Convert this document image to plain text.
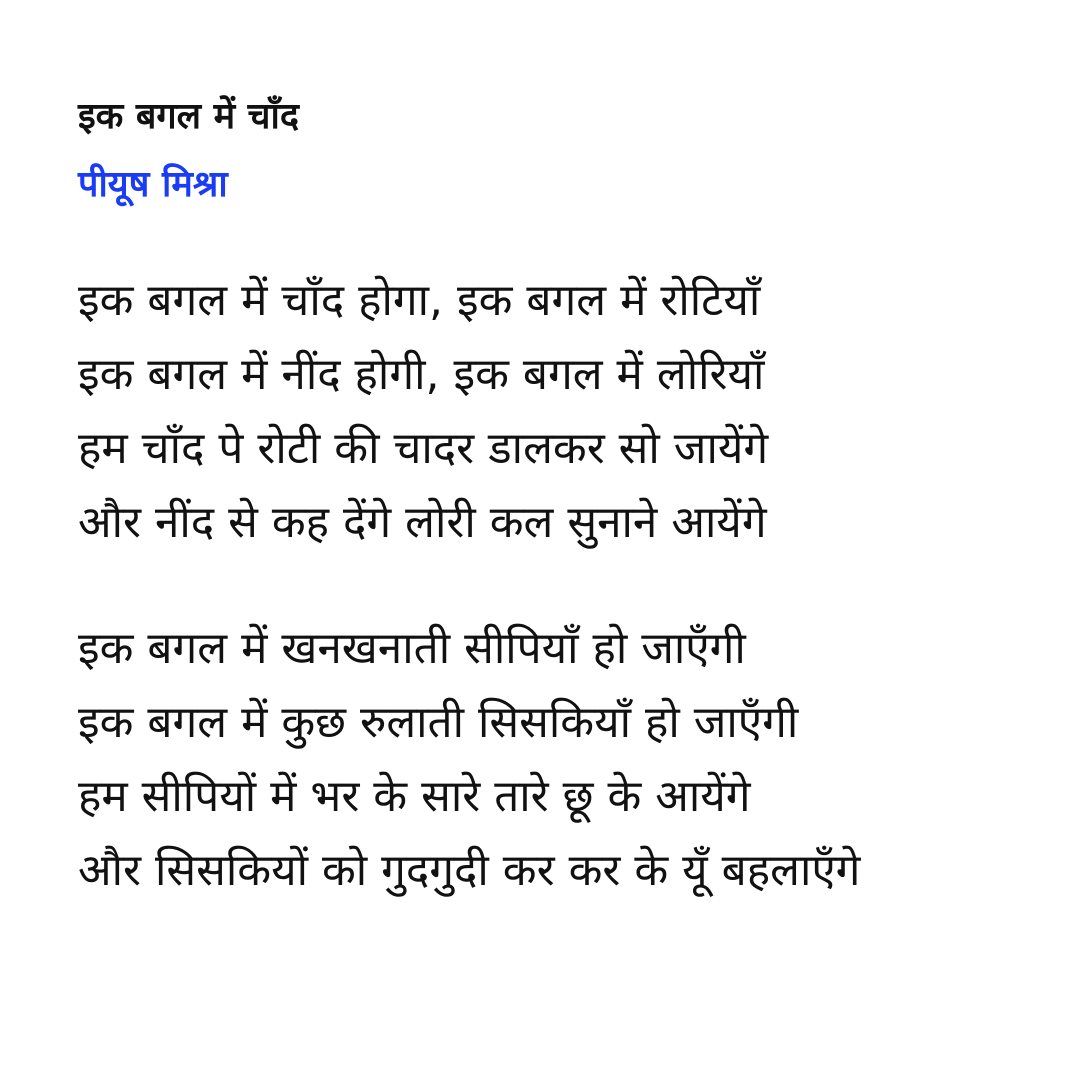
इक बगल में चाँद
पीयूष मिश्रा
इक बगल में चाँद होगा, इक बगल में रोटियाँ
इक बगल में नींद होगी, इक बगल में लोरियाँ
हम चाँद पे रोटी की चादर डालकर सो जायेंगे
और नींद से कह देंगे लोरी कल सुनाने आयेंगे
इक बगल में खनखनाती सीपियाँ हो जाएँगी
इक बगल में कुछ रुलाती सिसकियाँ हो जाएँगी
हम सीपियों में भर के सारे तारे छू के आयेंगे
और सिसकियों को गुदगुदी कर कर के यूँ बहलाएँगे
